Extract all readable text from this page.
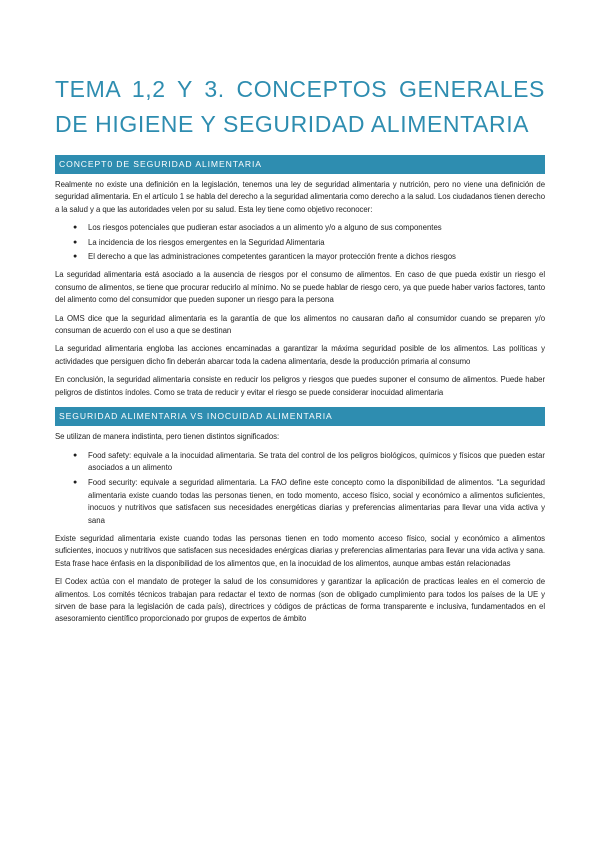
TEMA 1,2 Y 3. CONCEPTOS GENERALES DE HIGIENE Y SEGURIDAD ALIMENTARIA
CONCEPT0 DE SEGURIDAD ALIMENTARIA

Realmente no existe una definición en la legislación, tenemos una ley de seguridad alimentaria y nutrición, pero no viene una definición de seguridad alimentaria. En el artículo 1 se habla del derecho a la seguridad alimentaria como derecho a la salud. Los ciudadanos tienen derecho a la salud y a que las autoridades velen por su salud. Esta ley tiene como objetivo reconocer:

● Los riesgos potenciales que pudieran estar asociados a un alimento y/o a alguno de sus componentes
● La incidencia de los riesgos emergentes en la Seguridad Alimentaria
● El derecho a que las administraciones competentes garanticen la mayor protección frente a dichos riesgos

La seguridad alimentaria está asociado a la ausencia de riesgos por el consumo de alimentos. En caso de que pueda existir un riesgo el consumo de alimentos, se tiene que procurar reducirlo al mínimo. No se puede hablar de riesgo cero, ya que puede haber varios factores, tanto del alimento como del consumidor que pueden suponer un riesgo para la persona

La OMS dice que la seguridad alimentaria es la garantía de que los alimentos no causaran daño al consumidor cuando se preparen y/o consuman de acuerdo con el uso a que se destinan

La seguridad alimentaria engloba las acciones encaminadas a garantizar la máxima seguridad posible de los alimentos. Las políticas y actividades que persiguen dicho fin deberán abarcar toda la cadena alimentaria, desde la producción primaria al consumo

En conclusión, la seguridad alimentaria consiste en reducir los peligros y riesgos que puedes suponer el consumo de alimentos. Puede haber peligros de distintos índoles. Como se trata de reducir y evitar el riesgo se puede considerar inocuidad alimentaria

SEGURIDAD ALIMENTARIA VS INOCUIDAD ALIMENTARIA

Se utilizan de manera indistinta, pero tienen distintos significados:

● Food safety: equivale a la inocuidad alimentaria. Se trata del control de los peligros biológicos, químicos y físicos que pueden estar asociados a un alimento
● Food security: equivale a seguridad alimentaria. La FAO define este concepto como la disponibilidad de alimentos. “La seguridad alimentaria existe cuando todas las personas tienen, en todo momento, acceso físico, social y económico a alimentos suficientes, inocuos y nutritivos que satisfacen sus necesidades energéticas diarias y preferencias alimentarias para llevar una vida activa y sana

Existe seguridad alimentaria existe cuando todas las personas tienen en todo momento acceso físico, social y económico a alimentos suficientes, inocuos y nutritivos que satisfacen sus necesidades enérgicas diarias y preferencias alimentarias para llevar una vida activa y sana. Esta frase hace énfasis en la disponibilidad de los alimentos que, en la inocuidad de los alimentos, aunque ambas están relacionadas

El Codex actúa con el mandato de proteger la salud de los consumidores y garantizar la aplicación de practicas leales en el comercio de alimentos. Los comités técnicos trabajan para redactar el texto de normas (son de obligado cumplimiento para todos los países de la UE y sirven de base para la legislación de cada país), directrices y códigos de prácticas de forma transparente e inclusiva, fundamentados en el asesoramiento científico proporcionado por grupos de expertos de ámbito
